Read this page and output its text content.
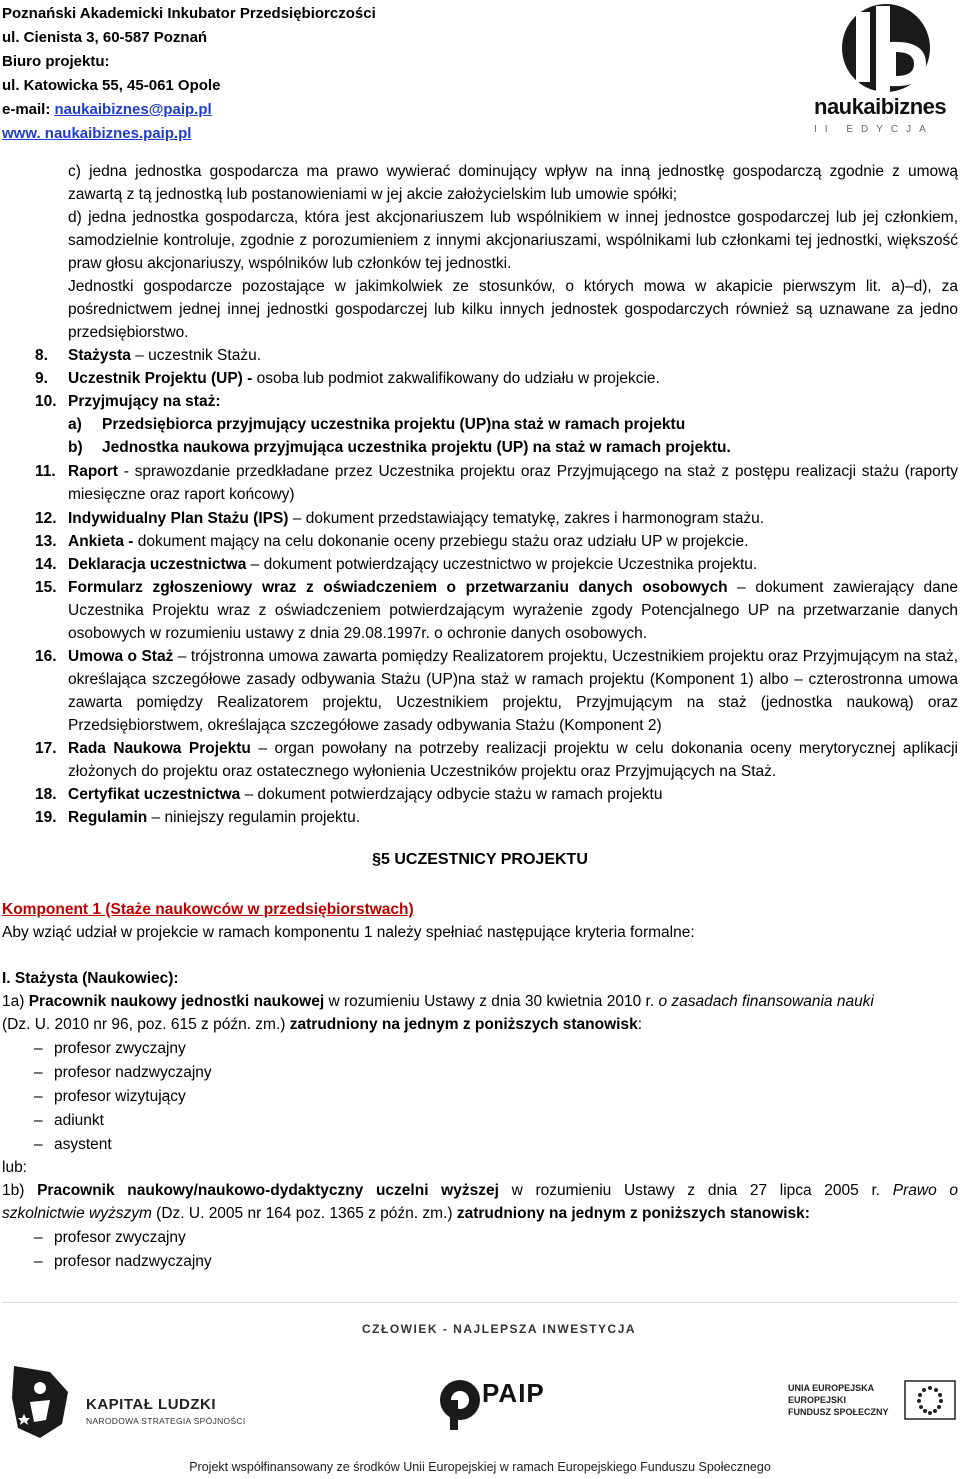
Poznański Akademicki Inkubator Przedsiębiorczości
ul. Cienista 3, 60-587 Poznań
Biuro projektu:
ul. Katowicka 55, 45-061 Opole
e-mail: naukaibiznes@paip.pl
www. naukaibiznes.paip.pl
naukaibiznes
II EDYCJA
c) jedna jednostka gospodarcza ma prawo wywierać dominujący wpływ na inną jednostkę gospodarczą zgodnie z umową zawartą z tą jednostką lub postanowieniami w jej akcie założycielskim lub umowie spółki;
d) jedna jednostka gospodarcza, która jest akcjonariuszem lub wspólnikiem w innej jednostce gospodarczej lub jej członkiem, samodzielnie kontroluje, zgodnie z porozumieniem z innymi akcjonariuszami, wspólnikami lub członkami tej jednostki, większość praw głosu akcjonariuszy, wspólników lub członków tej jednostki.
Jednostki gospodarcze pozostające w jakimkolwiek ze stosunków, o których mowa w akapicie pierwszym lit. a)–d), za pośrednictwem jednej innej jednostki gospodarczej lub kilku innych jednostek gospodarczych również są uznawane za jedno przedsiębiorstwo.
8. Stażysta – uczestnik Stażu.
9. Uczestnik Projektu (UP) - osoba lub podmiot zakwalifikowany do udziału w projekcie.
10. Przyjmujący na staż:
a) Przedsiębiorca przyjmujący uczestnika projektu (UP)na staż w ramach projektu
b) Jednostka naukowa przyjmująca uczestnika projektu (UP) na staż w ramach projektu.
11. Raport - sprawozdanie przedkładane przez Uczestnika projektu oraz Przyjmującego na staż z postępu realizacji stażu (raporty miesięczne oraz raport końcowy)
12. Indywidualny Plan Stażu (IPS) – dokument przedstawiający tematykę, zakres i harmonogram stażu.
13. Ankieta - dokument mający na celu dokonanie oceny przebiegu stażu oraz udziału UP w projekcie.
14. Deklaracja uczestnictwa – dokument potwierdzający uczestnictwo w projekcie Uczestnika projektu.
15. Formularz zgłoszeniowy wraz z oświadczeniem o przetwarzaniu danych osobowych – dokument zawierający dane Uczestnika Projektu wraz z oświadczeniem potwierdzającym wyrażenie zgody Potencjalnego UP na przetwarzanie danych osobowych w rozumieniu ustawy z dnia 29.08.1997r. o ochronie danych osobowych.
16. Umowa o Staż – trójstronna umowa zawarta pomiędzy Realizatorem projektu, Uczestnikiem projektu oraz Przyjmującym na staż, określająca szczegółowe zasady odbywania Stażu (UP)na staż w ramach projektu (Komponent 1) albo – czterostronna umowa zawarta pomiędzy Realizatorem projektu, Uczestnikiem projektu, Przyjmującym na staż (jednostka naukową) oraz Przedsiębiorstwem, określająca szczegółowe zasady odbywania Stażu (Komponent 2)
17. Rada Naukowa Projektu – organ powołany na potrzeby realizacji projektu w celu dokonania oceny merytorycznej aplikacji złożonych do projektu oraz ostatecznego wyłonienia Uczestników projektu oraz Przyjmujących na Staż.
18. Certyfikat uczestnictwa – dokument potwierdzający odbycie stażu w ramach projektu
19. Regulamin – niniejszy regulamin projektu.
§5 UCZESTNICY PROJEKTU
Komponent 1 (Staże naukowców w przedsiębiorstwach)
Aby wziąć udział w projekcie w ramach komponentu 1 należy spełniać następujące kryteria formalne:
I. Stażysta (Naukowiec):
1a) Pracownik naukowy jednostki naukowej w rozumieniu Ustawy z dnia 30 kwietnia 2010 r. o zasadach finansowania nauki
(Dz. U. 2010 nr 96, poz. 615 z późn. zm.) zatrudniony na jednym z poniższych stanowisk:
– profesor zwyczajny
– profesor nadzwyczajny
– profesor wizytujący
– adiunkt
– asystent
lub:
1b) Pracownik naukowy/naukowo-dydaktyczny uczelni wyższej w rozumieniu Ustawy z dnia 27 lipca 2005 r. Prawo o
szkolnictwie wyższym (Dz. U. 2005 nr 164 poz. 1365 z późn. zm.) zatrudniony na jednym z poniższych stanowisk:
– profesor zwyczajny
– profesor nadzwyczajny
CZŁOWIEK - NAJLEPSZA INWESTYCJA
KAPITAŁ LUDZKI
NARODOWA STRATEGIA SPÓJNOŚCI
PAIP	UNIA EUROPEJSKA
EUROPEJSKI
FUNDUSZ SPOŁECZNY
Projekt współfinansowany ze środków Unii Europejskiej w ramach Europejskiego Funduszu Społecznego
